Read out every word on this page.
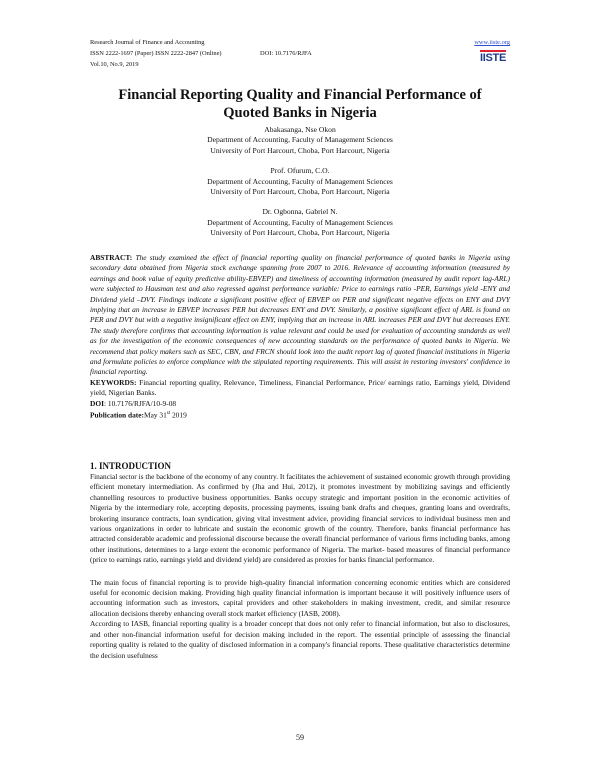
Research Journal of Finance and Accounting
ISSN 2222-1697 (Paper) ISSN 2222-2847 (Online)	DOI: 10.7176/RJFA
Vol.10, No.9, 2019
www.iiste.org
IISTE
Financial Reporting Quality and Financial Performance of
Quoted Banks in Nigeria
Abakasanga, Nse Okon
Department of Accounting, Faculty of Management Sciences
University of Port Harcourt, Choba, Port Harcourt, Nigeria
Prof. Ofurum, C.O.
Department of Accounting, Faculty of Management Sciences
University of Port Harcourt, Choba, Port Harcourt, Nigeria
Dr. Ogbonna, Gabriel N.
Department of Accounting, Faculty of Management Sciences
University of Port Harcourt, Choba, Port Harcourt, Nigeria

ABSTRACT: The study examined the effect of financial reporting quality on financial performance of quoted banks in Nigeria using secondary data obtained from Nigeria stock exchange spanning from 2007 to 2016. Relevance of accounting information (measured by earnings and book value of equity predictive ability-EBVEP) and timeliness of accounting information (measured by audit report lag-ARL) were subjected to Hausman test and also regressed against performance variable: Price to earnings ratio -PER, Earnings yield -ENY and Dividend yield –DVY. Findings indicate a significant positive effect of EBVEP on PER and significant negative effects on ENY and DVY implying that an increase in EBVEP increases PER but decreases ENY and DVY. Similarly, a positive significant effect of ARL is found on PER and DVY but with a negative insignificant effect on ENY, implying that an increase in ARL increases PER and DVY but decreases ENY. The study therefore confirms that accounting information is value relevant and could be used for evaluation of accounting standards as well as for the investigation of the economic consequences of new accounting standards on the performance of quoted banks in Nigeria. We recommend that policy makers such as SEC, CBN, and FRCN should look into the audit report lag of quoted financial institutions in Nigeria and formulate policies to enforce compliance with the stipulated reporting requirements. This will assist in restoring investors' confidence in financial reporting.

KEYWORDS: Financial reporting quality, Relevance, Timeliness, Financial Performance, Price/ earnings ratio, Earnings yield, Dividend yield, Nigerian Banks.

DOI: 10.7176/RJFA/10-9-08

Publication date:May 31st 2019

1. INTRODUCTION

Financial sector is the backbone of the economy of any country. It facilitates the achievement of sustained economic growth through providing efficient monetary intermediation. As confirmed by (Jha and Hui, 2012), it promotes investment by mobilizing savings and efficiently channelling resources to productive business opportunities. Banks occupy strategic and important position in the economic activities of Nigeria by the intermediary role, accepting deposits, processing payments, issuing bank drafts and cheques, granting loans and overdrafts, brokering insurance contracts, loan syndication, giving vital investment advice, providing financial services to individual business men and various organizations in order to lubricate and sustain the economic growth of the country. Therefore, banks financial performance has attracted considerable academic and professional discourse because the overall financial performance of various firms including banks, among other institutions, determines to a large extent the economic performance of Nigeria. The market- based measures of financial performance (price to earnings ratio, earnings yield and dividend yield) are considered as proxies for banks financial performance.

The main focus of financial reporting is to provide high-quality financial information concerning economic entities which are considered useful for economic decision making. Providing high quality financial information is important because it will positively influence users of accounting information such as investors, capital providers and other stakeholders in making investment, credit, and similar resource allocation decisions thereby enhancing overall stock market efficiency (IASB, 2008).

According to IASB, financial reporting quality is a broader concept that does not only refer to financial information, but also to disclosures, and other non-financial information useful for decision making included in the report. The essential principle of assessing the financial reporting quality is related to the quality of disclosed information in a company's financial reports. These qualitative characteristics determine the decision usefulness

59
